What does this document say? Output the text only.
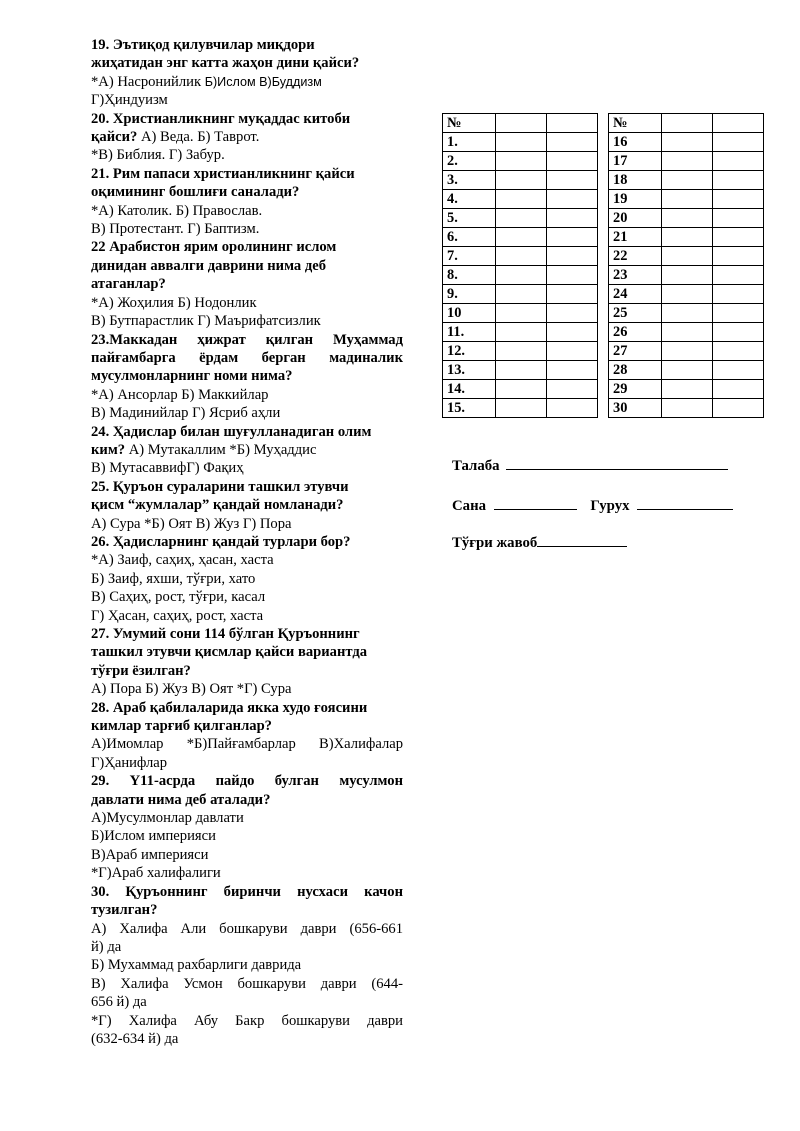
19. Эътиқод қилувчилар миқдори
жиҳатидан энг катта жаҳон дини қайси?
*А) Насронийлик Б)Ислом В)Буддизм
Г)Ҳиндуизм
20. Христианликнинг муқаддас китоби
қайси? А) Веда. Б) Таврот.
*В) Библия. Г) Забур.
21. Рим папаси христианликнинг қайси
оқимининг бошлиғи саналади?
*А) Католик. Б) Православ.
В) Протестант. Г) Баптизм.
22 Арабистон ярим оролининг ислом
динидан аввалги даврини нима деб
атаганлар?
*А) Жоҳилия Б) Нодонлик
В) Бутпарастлик Г) Маърифатсизлик
23.Маккадан ҳижрат қилган Муҳаммад
пайғамбарга ёрдам берган мадиналик
мусулмонларнинг номи нима?
*А) Ансорлар Б) Маккийлар
В) Мадинийлар Г) Ясриб аҳли
24. Ҳадислар билан шуғулланадиган олим
ким? А) Мутакаллим *Б) Муҳаддис
В) МутасаввифГ) Фақиҳ
25. Қуръон сураларини ташкил этувчи
қисм “жумлалар” қандай номланади?
А) Сура *Б) Оят В) Жуз Г) Пора
26. Ҳадисларнинг қандай турлари бор?
*А) Заиф, саҳиҳ, ҳасан, хаста
Б) Заиф, яхши, тўғри, хато
В) Саҳиҳ, рост, тўғри, касал
Г) Ҳасан, саҳиҳ, рост, хаста
27. Умумий сони 114 бўлган Қуръоннинг
ташкил этувчи қисмлар қайси вариантда
тўғри ёзилган?
А) Пора Б) Жуз В) Оят *Г) Сура
28. Араб қабилаларида якка худо ғоясини
кимлар тарғиб қилганлар?
А)Имомлар *Б)Пайғамбарлар В)Халифалар
Г)Ҳанифлар
29. Ү11-асрда пайдо булган мусулмон
давлати нима деб аталади?
А)Мусулмонлар давлати
Б)Ислом империяси
В)Араб империяси
*Г)Араб халифалиги
30. Қуръоннинг биринчи нусхаси качон
тузилган?
А) Халифа Али бошкаруви даври (656-661
й) да
Б) Мухаммад рахбарлиги даврида
В) Халифа Усмон бошкаруви даври (644-
656 й) да
*Г) Халифа Абу Бакр бошкаруви даври
(632-634 й) да
№				№		
1.				16		
2.				17		
3.				18		
4.				19		
5.				20		
6.				21		
7.				22		
8.				23		
9.				24		
10				25		
11.				26		
12.				27		
13.				28		
14.				29		
15.				30		
Талаба
Сана	Гурух
Тўғри жавоб
